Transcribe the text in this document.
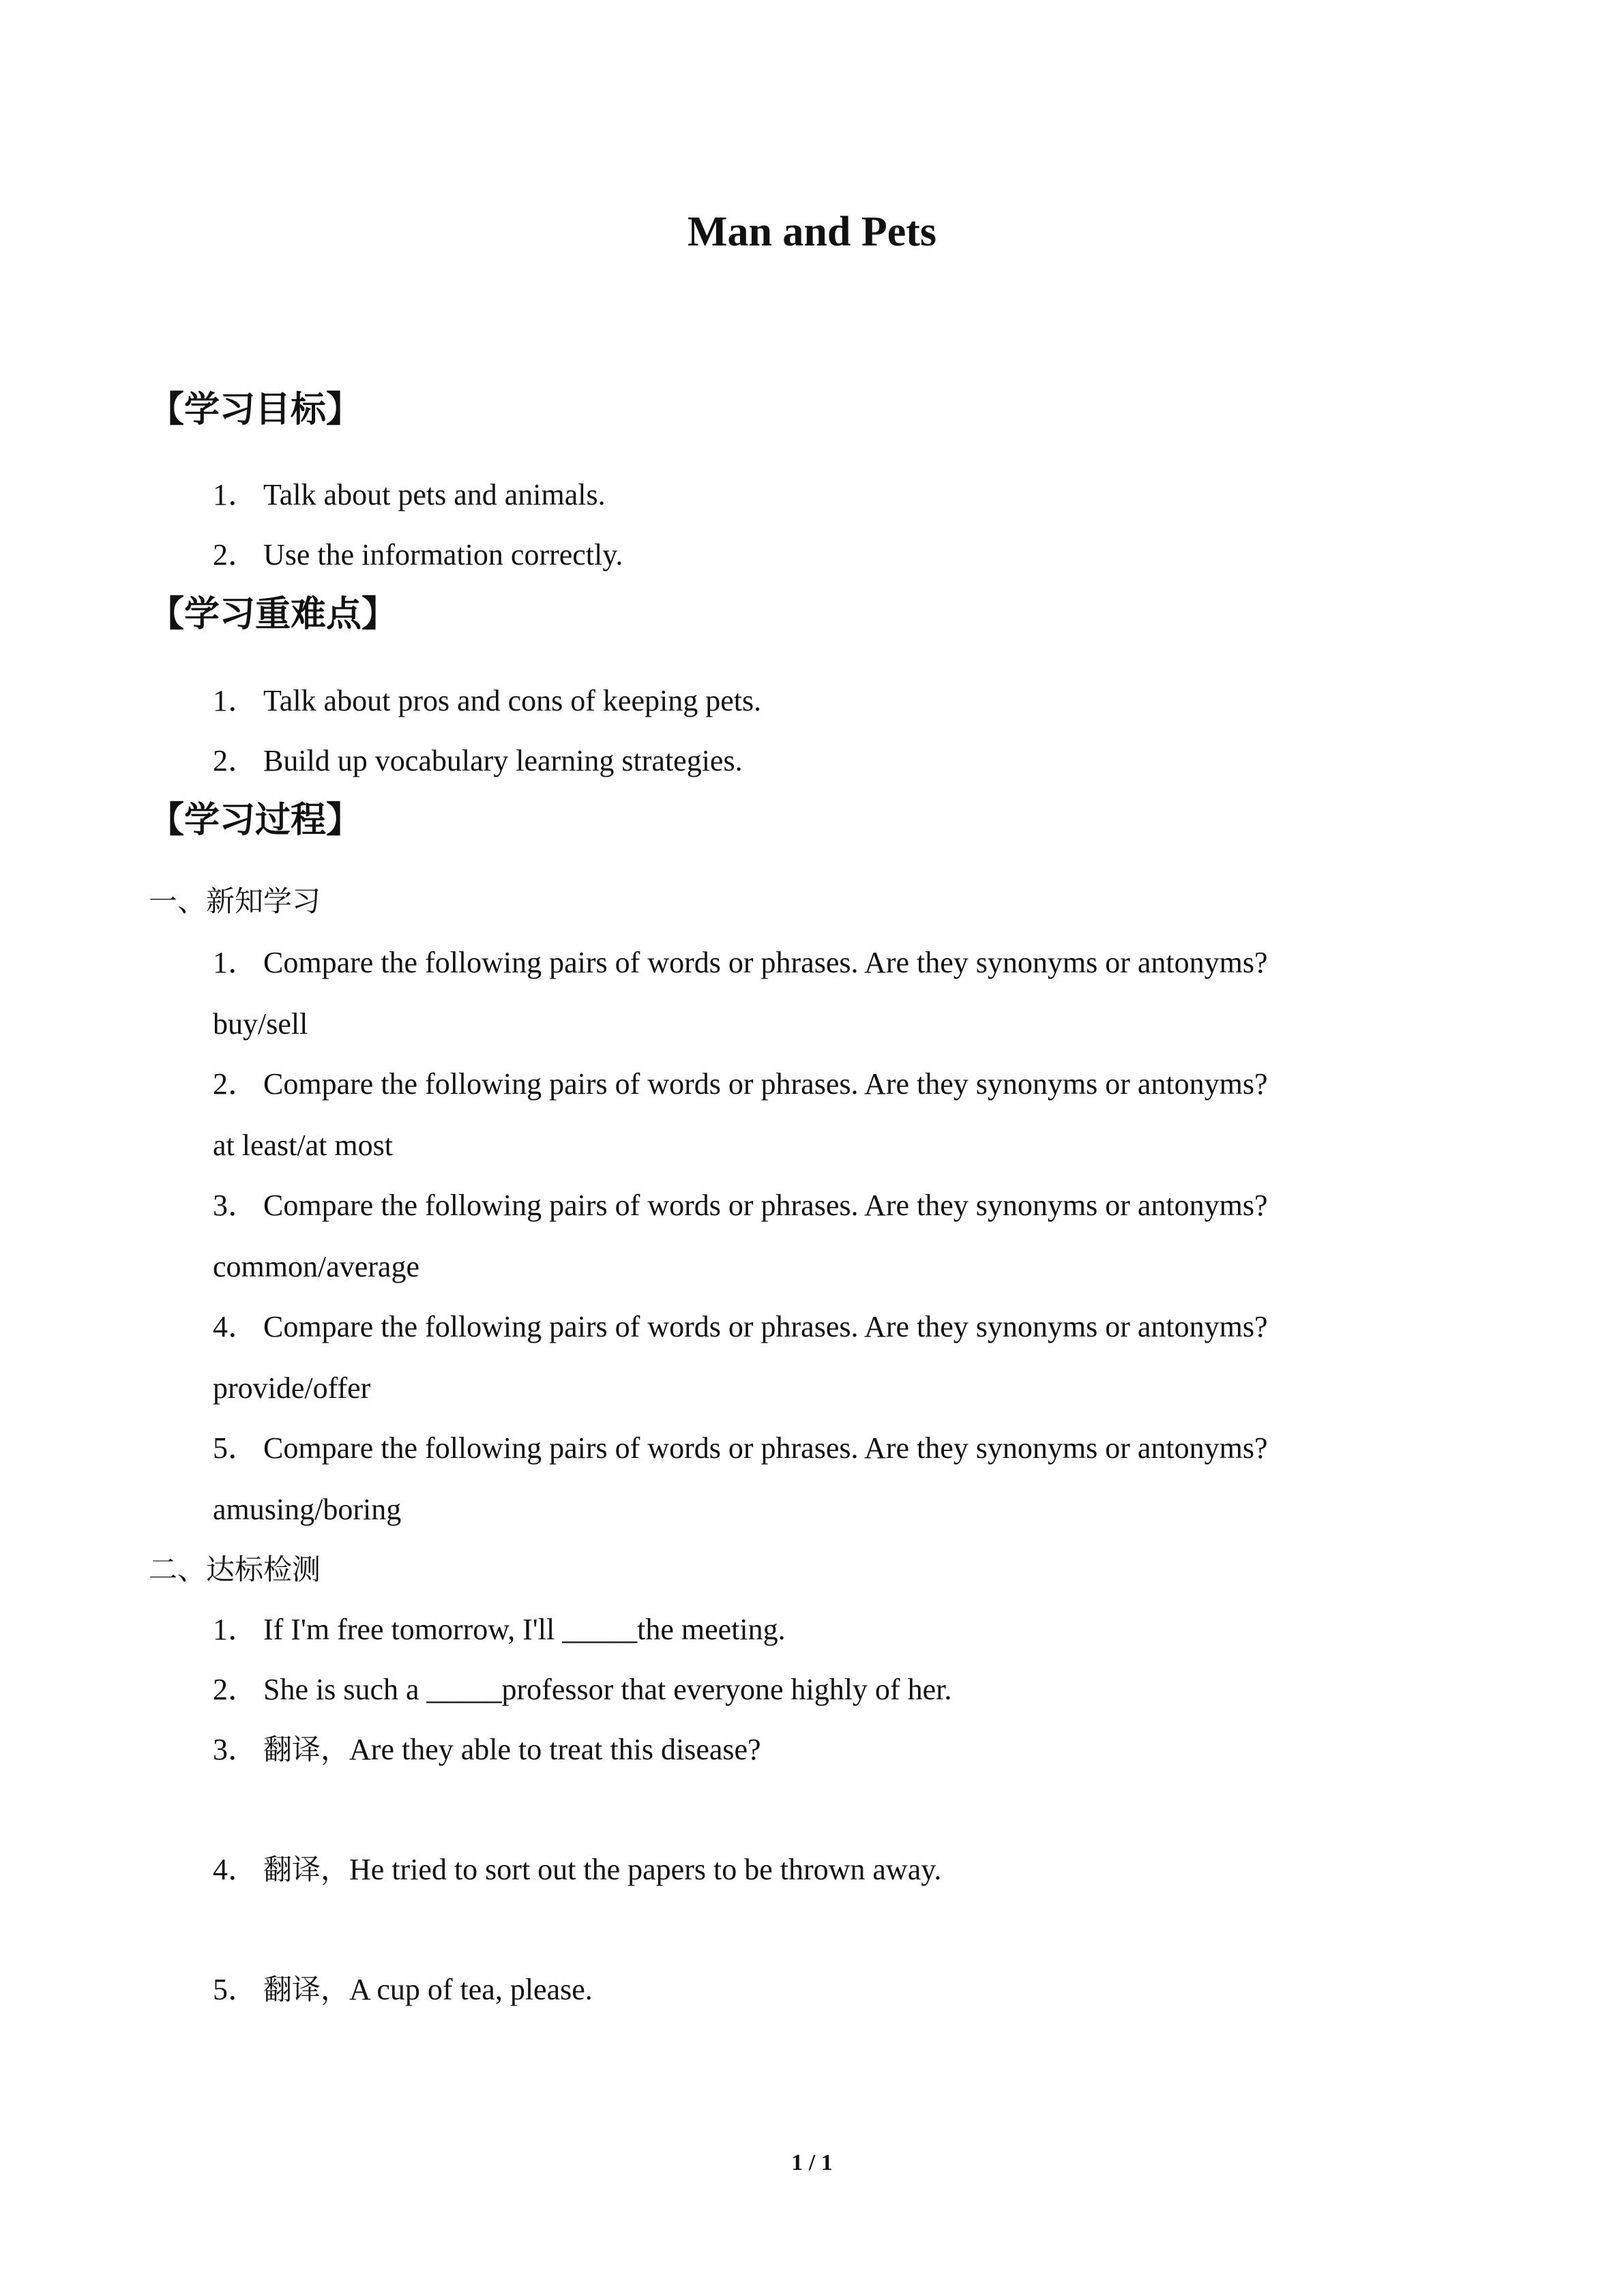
Man and Pets
【学习目标】

1． Talk about pets and animals.

2． Use the information correctly.

【学习重难点】

1． Talk about pros and cons of keeping pets.

2． Build up vocabulary learning strategies.

【学习过程】

一、新知学习

1． Compare the following pairs of words or phrases. Are they synonyms or antonyms?

buy/sell

2． Compare the following pairs of words or phrases. Are they synonyms or antonyms?

at least/at most

3． Compare the following pairs of words or phrases. Are they synonyms or antonyms?

common/average

4． Compare the following pairs of words or phrases. Are they synonyms or antonyms?

provide/offer

5． Compare the following pairs of words or phrases. Are they synonyms or antonyms?

amusing/boring

二、达标检测

1． If I'm free tomorrow, I'll _____the meeting.

2． She is such a _____professor that everyone highly of her.

3． 翻译，Are they able to treat this disease?

4． 翻译，He tried to sort out the papers to be thrown away.

5． 翻译，A cup of tea, please.

1 / 1
